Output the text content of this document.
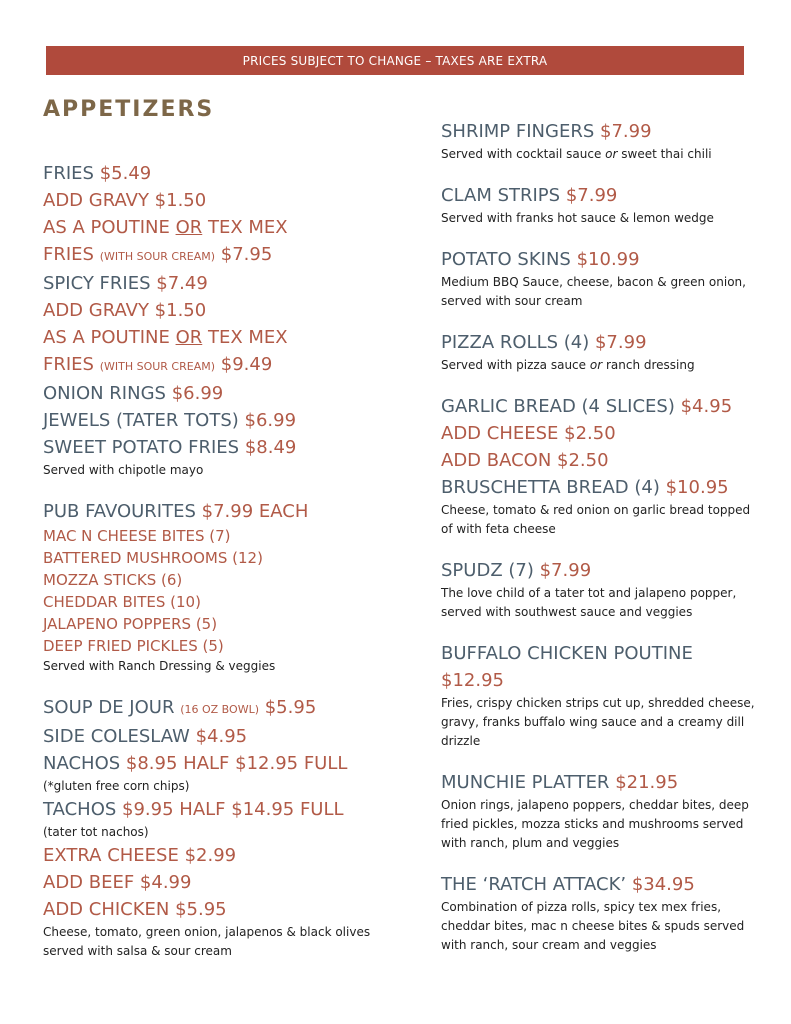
PRICES SUBJECT TO CHANGE – TAXES ARE EXTRA
APPETIZERS
FRIES $5.49
ADD GRAVY $1.50
AS A POUTINE OR TEX MEX
FRIES (WITH SOUR CREAM) $7.95
SPICY FRIES $7.49
ADD GRAVY $1.50
AS A POUTINE OR TEX MEX
FRIES (WITH SOUR CREAM) $9.49
ONION RINGS $6.99
JEWELS (TATER TOTS) $6.99
SWEET POTATO FRIES $8.49
Served with chipotle mayo
PUB FAVOURITES $7.99 EACH
MAC N CHEESE BITES (7)
BATTERED MUSHROOMS (12)
MOZZA STICKS (6)
CHEDDAR BITES (10)
JALAPENO POPPERS (5)
DEEP FRIED PICKLES (5)
Served with Ranch Dressing & veggies
SOUP DE JOUR (16 OZ BOWL) $5.95
SIDE COLESLAW $4.95
NACHOS $8.95 HALF $12.95 FULL
(*gluten free corn chips)
TACHOS $9.95 HALF $14.95 FULL
(tater tot nachos)
EXTRA CHEESE $2.99
ADD BEEF $4.99
ADD CHICKEN $5.95
Cheese, tomato, green onion, jalapenos & black olives served with salsa & sour cream
SHRIMP FINGERS $7.99
Served with cocktail sauce or sweet thai chili
CLAM STRIPS $7.99
Served with franks hot sauce & lemon wedge
POTATO SKINS $10.99
Medium BBQ Sauce, cheese, bacon & green onion, served with sour cream
PIZZA ROLLS (4) $7.99
Served with pizza sauce or ranch dressing
GARLIC BREAD (4 SLICES) $4.95
ADD CHEESE $2.50
ADD BACON $2.50
BRUSCHETTA BREAD (4) $10.95
Cheese, tomato & red onion on garlic bread topped of with feta cheese
SPUDZ (7) $7.99
The love child of a tater tot and jalapeno popper, served with southwest sauce and veggies
BUFFALO CHICKEN POUTINE
$12.95
Fries, crispy chicken strips cut up, shredded cheese, gravy, franks buffalo wing sauce and a creamy dill drizzle
MUNCHIE PLATTER $21.95
Onion rings, jalapeno poppers, cheddar bites, deep fried pickles, mozza sticks and mushrooms served with ranch, plum and veggies
THE ‘RATCH ATTACK’ $34.95
Combination of pizza rolls, spicy tex mex fries, cheddar bites, mac n cheese bites & spuds served with ranch, sour cream and veggies
